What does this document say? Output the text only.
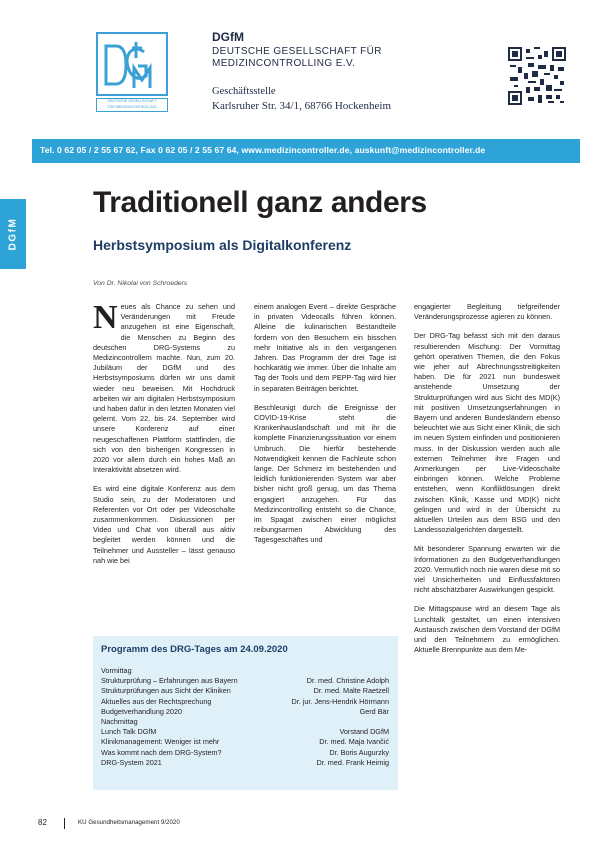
DEUTSCHE GESELLSCHAFT
FÜR MEDIZINCONTROLLING
DGfM
DEUTSCHE GESELLSCHAFT FÜR
MEDIZINCONTROLLING E.V.
Geschäftsstelle
Karlsruher Str. 34/1, 68766 Hockenheim
Tel. 0 62 05 / 2 55 67 62, Fax 0 62 05 / 2 55 67 64, www.medizincontroller.de, auskunft@medizincontroller.de
DGfM
Traditionell ganz anders
Herbstsymposium als Digitalkonferenz
Von Dr. Nikolai von Schroeders

Neues als Chance zu sehen und Veränderungen mit Freude anzugehen ist eine Eigenschaft, die Menschen zu Beginn des deutschen DRG-Systems zu Medizincontrollern machte. Nun, zum 20. Jubiläum der DGfM und des Herbstsymposiums dürfen wir uns damit wieder neu beweisen. Mit Hochdruck arbeiten wir am digitalen Herbstsymposium und haben dafür in den letzten Monaten viel gelernt. Vom 22. bis 24. September wird unsere Konferenz auf einer neugeschaffenen Plattform stattfinden, die sich von den bisherigen Kongressen in 2020 vor allem durch ein hohes Maß an Interaktivität absetzen wird.

Es wird eine digitale Konferenz aus dem Studio sein, zu der Moderatoren und Referenten vor Ort oder per Videoschalte zusammenkommen. Diskussionen per Video und Chat von überall aus aktiv begleitet werden können und die Teilnehmer und Aussteller – lässt genauso nah wie bei

einem analogen Event – direkte Gespräche in privaten Videocalls führen können. Alleine die kulinarischen Bestandteile fordern von den Besuchern ein bisschen mehr Initiative als in den vergangenen Jahren. Das Programm der drei Tage ist hochkarätig wie immer. Über die Inhalte am Tag der Tools und dem PEPP-Tag wird hier in separaten Beiträgen berichtet.

Beschleunigt durch die Ereignisse der COVID-19-Krise steht die Krankenhauslandschaft und mit ihr die komplette Finanzierungssituation vor einem Umbruch. Die hierfür bestehende Notwendigkeit kennen die Fachleute schon lange. Der Schmerz im bestehenden und leidlich funktionierenden System war aber bisher nicht groß genug, um das Thema engagiert anzugehen. Für das Medizincontrolling entsteht so die Chance, im Spagat zwischen einer möglichst reibungsarmen Abwicklung des Tagesgeschäftes und

engagierter Begleitung tiefgreifender Veränderungsprozesse agieren zu können.

Der DRG-Tag befasst sich mit den daraus resultierenden Mischung: Der Vormittag gehört operativen Themen, die den Fokus wie jeher auf Abrechnungsstreitigkeiten haben. Die für 2021 nun bundesweit anstehende Umsetzung der Strukturprüfungen wird aus Sicht des MD(K) mit positiven Umsetzungserfahrungen in Bayern und anderen Bundesländern ebenso beleuchtet wie aus Sicht einer Klinik, die sich im neuen System einfinden und positionieren muss. In der Diskussion werden auch alle externen Teilnehmer ihre Fragen und Anmerkungen per Live-Videoschalte einbringen können. Welche Probleme entstehen, wenn Konfliktlösungen direkt zwischen Klinik, Kasse und MD(K) nicht gelingen und wird in der Übersicht zu aktuellen Urteilen aus dem BSG und den Landessozialgerichten dargestellt.

Mit besonderer Spannung erwarten wir die Informationen zu den Budgetverhandlungen 2020. Vermutlich noch nie waren diese mit so viel Unsicherheiten und Einflussfaktoren nicht abschätzbarer Auswirkungen gespickt.

Die Mittagspause wird an diesem Tage als Lunchtalk gestaltet, um einen intensiven Austausch zwischen dem Vorstand der DGfM und den Teilnehmern zu ermöglichen. Aktuelle Brennpunkte aus dem Me-

Programm des DRG-Tages am 24.09.2020
Vormittag
Strukturprüfung – Erfahrungen aus Bayern	Dr. med. Christine Adolph
Strukturprüfungen aus Sicht der Kliniken	Dr. med. Malte Raetzell
Aktuelles aus der Rechtsprechung	Dr. jur. Jens-Hendrik Hörmann
Budgetverhandlung 2020	Gerd Bär
Nachmittag
Lunch Talk DGfM	Vorstand DGfM
Klinikmanagement: Weniger ist mehr	Dr. med. Maja Ivančić
Was kommt nach dem DRG-System?	Dr. Boris Augurzky
DRG-System 2021	Dr. med. Frank Heimig
82	KU Gesundheitsmanagement 9/2020
